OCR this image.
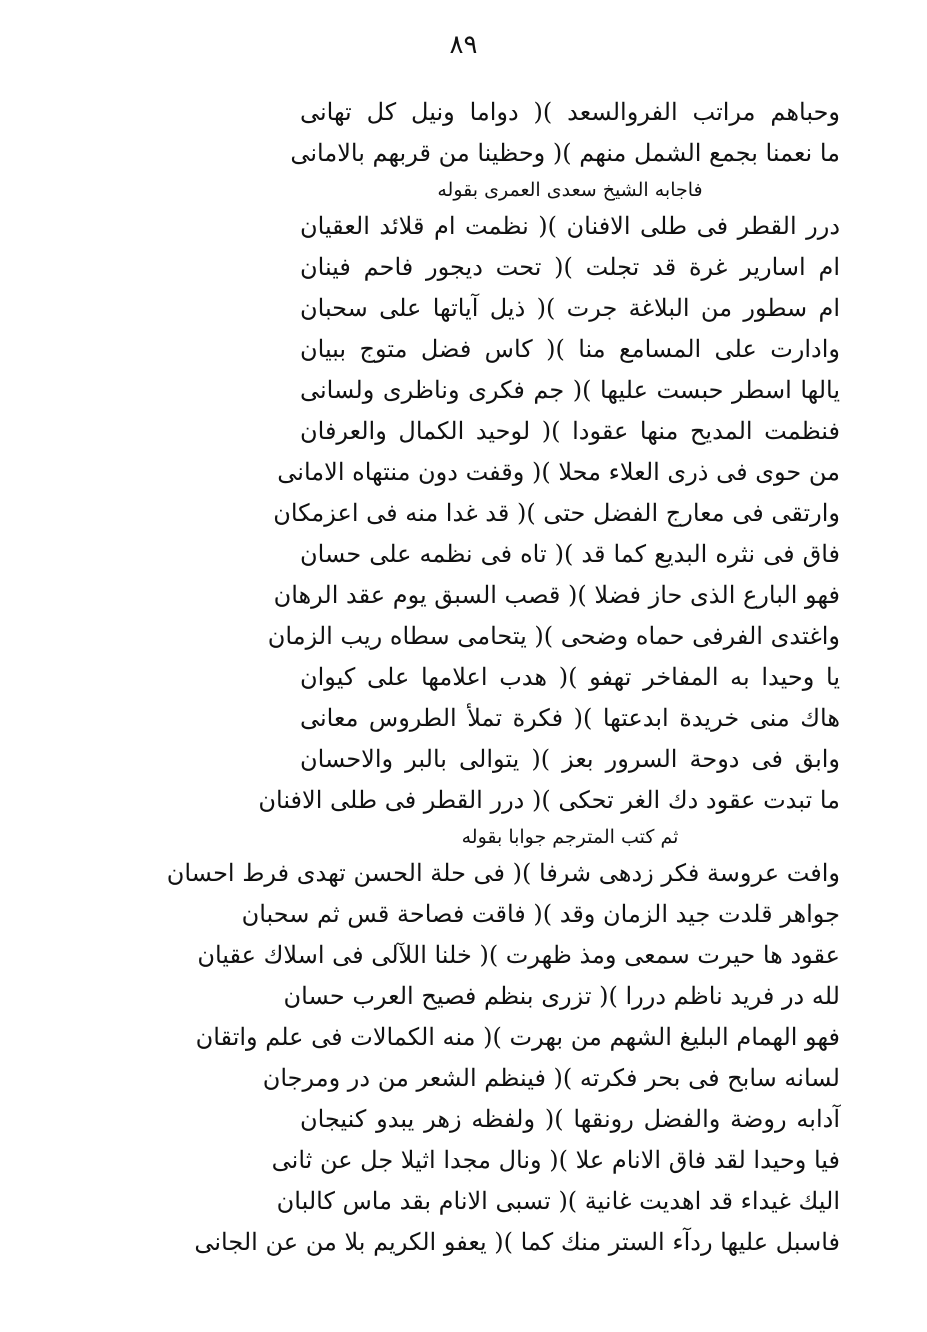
٨٩
وحباهم مراتب الفروالسعد )( دواما ونيل كل تهانى
ما نعمنا بجمع الشمل منهم )( وحظينا من قربهم بالامانى
فاجابه الشيخ سعدى العمرى بقوله
درر القطر فى طلى الافنان )( نظمت ام قلائد العقيان
ام اسارير غرة قد تجلت )( تحت ديجور فاحم فينان
ام سطور من البلاغة جرت )( ذيل آياتها على سحبان
وادارت على المسامع منا )( كاس فضل متوج ببيان
يالها اسطر حبست عليها )( جم فكرى وناظرى ولسانى
فنظمت المديح منها عقودا )( لوحيد الكمال والعرفان
من حوى فى ذرى العلاء محلا )( وقفت دون منتهاه الامانى
وارتقى فى معارج الفضل حتى )( قد غدا منه فى اعزمكان
فاق فى نثره البديع كما قد )( تاه فى نظمه على حسان
فهو البارع الذى حاز فضلا )( قصب السبق يوم عقد الرهان
واغتدى الفرفى حماه وضحى )( يتحامى سطاه ريب الزمان
يا وحيدا به المفاخر تهفو )( هدب اعلامها على كيوان
هاك منى خريدة ابدعتها )( فكرة تملأ الطروس معانى
وابق فى دوحة السرور بعز )( يتوالى بالبر والاحسان
ما تبدت عقود دك الغر تحكى )( درر القطر فى طلى الافنان
ثم كتب المترجم جوابا بقوله
وافت عروسة فكر زدهى شرفا )( فى حلة الحسن تهدى فرط احسان
جواهر قلدت جيد الزمان وقد )( فاقت فصاحة قس ثم سحبان
عقود ها حيرت سمعى ومذ ظهرت )( خلنا اللآلى فى اسلاك عقيان
لله در فريد ناظم دررا )( تزرى بنظم فصيح العرب حسان
فهو الهمام البليغ الشهم من بهرت )( منه الكمالات فى علم واتقان
لسانه سابح فى بحر فكرته )( فينظم الشعر من در ومرجان
آدابه روضة والفضل رونقها )( ولفظه زهر يبدو كنيجان
فيا وحيدا لقد فاق الانام علا )( ونال مجدا اثيلا جل عن ثانى
اليك غيداء قد اهديت غانية )( تسبى الانام بقد ماس كالبان
فاسبل عليها ردآء الستر منك كما )( يعفو الكريم بلا من عن الجانى
